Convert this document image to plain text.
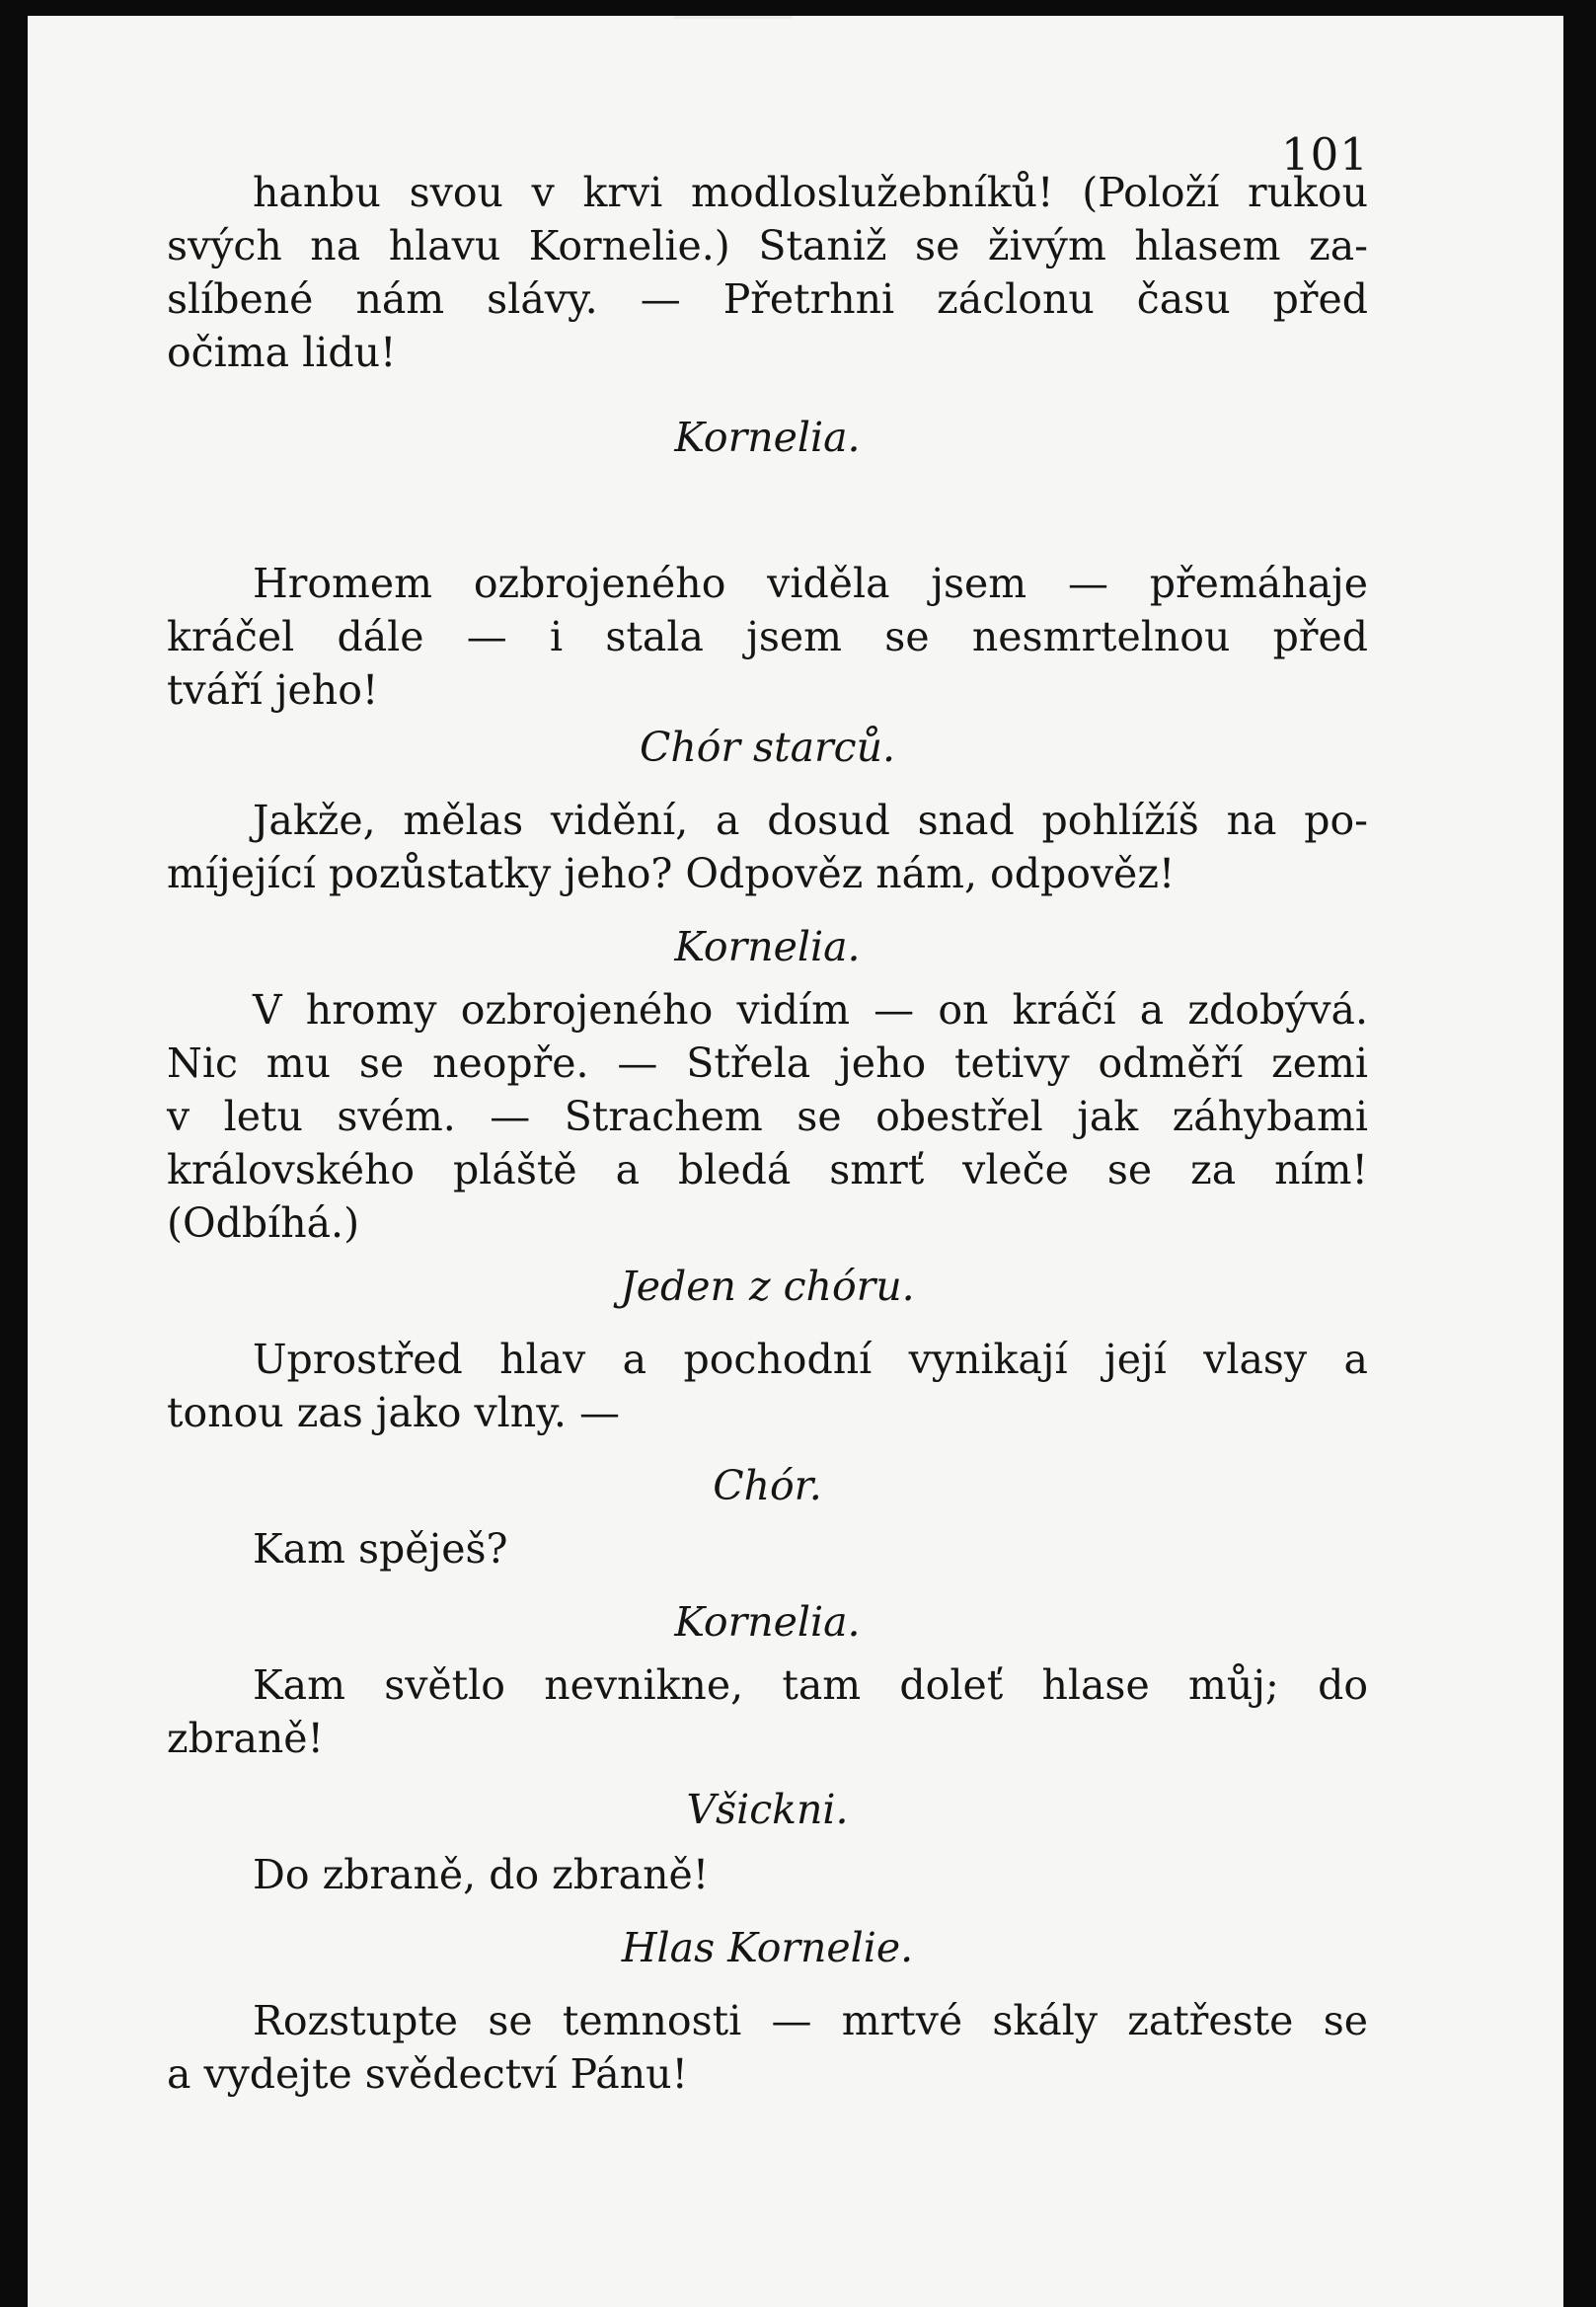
101
hanbu svou v krvi modloslužebníků! (Položí rukou
svých na hlavu Kornelie.) Staniž se živým hlasem za-
slíbené nám slávy. — Přetrhni záclonu času před
očima lidu!
Kornelia.
Hromem ozbrojeného viděla jsem — přemáhaje
kráčel dále — i stala jsem se nesmrtelnou před
tváří jeho!
Chór starců.
Jakže, mělas vidění, a dosud snad pohlížíš na po-
míjející pozůstatky jeho? Odpověz nám, odpověz!
Kornelia.
V hromy ozbrojeného vidím — on kráčí a zdobývá.
Nic mu se neopře. — Střela jeho tetivy odměří zemi
v letu svém. — Strachem se obestřel jak záhybami
královského pláště a bledá smrť vleče se za ním!
(Odbíhá.)
Jeden z chóru.
Uprostřed hlav a pochodní vynikají její vlasy a
tonou zas jako vlny. —
Chór.
Kam spěješ?
Kornelia.
Kam světlo nevnikne, tam doleť hlase můj; do
zbraně!
Všickni.
Do zbraně, do zbraně!
Hlas Kornelie.
Rozstupte se temnosti — mrtvé skály zatřeste se
a vydejte svědectví Pánu!
